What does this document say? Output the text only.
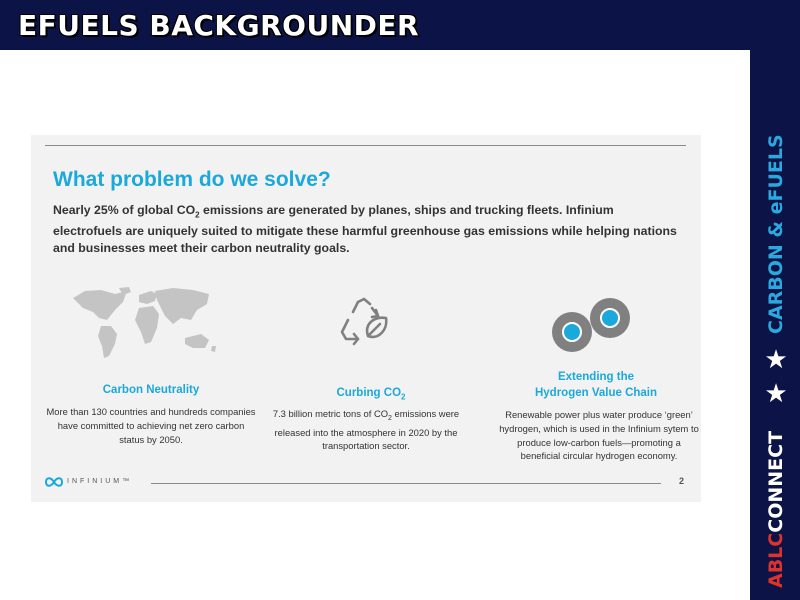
EFUELS BACKGROUNDER
CARBON & eFUELS
★
★
ABLCCONNECT
What problem do we solve?
Nearly 25% of global $CO_2$ emissions are generated by planes, ships and trucking fleets. Infinium electrofuels are uniquely suited to mitigate these harmful greenhouse gas emissions while helping nations and businesses meet their carbon neutrality goals.
Carbon Neutrality
More than 130 countries and hundreds companies have committed to achieving net zero carbon status by 2050.
Curbing $CO_2$
7.3 billion metric tons of $CO_2$ emissions were released into the atmosphere in 2020 by the transportation sector.
Extending the
Hydrogen Value Chain
Renewable power plus water produce ‘green’ hydrogen, which is used in the Infinium sytem to produce low-carbon fuels—promoting a beneficial circular hydrogen economy.
INFINIUM™	2
